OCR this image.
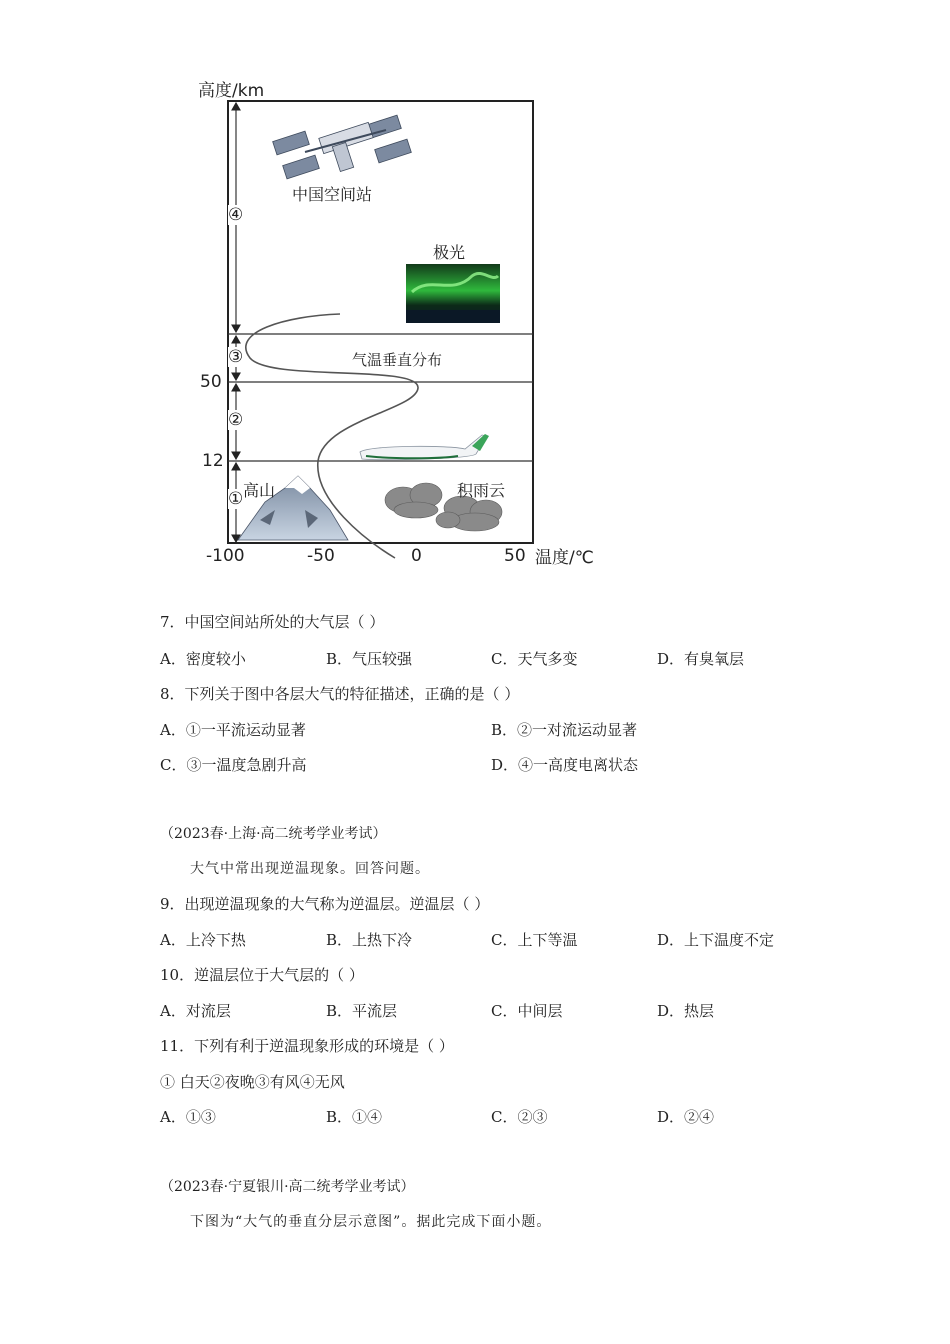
高度/km
温度/℃
-100	-50	0	50
50
12
①
②
③
④
中国空间站
极光
气温垂直分布
高山	积雨云
7．中国空间站所处的大气层（ ）
A．密度较小	B．气压较强	C．天气多变	D．有臭氧层
8．下列关于图中各层大气的特征描述，正确的是（ ）
A．①一平流运动显著	B．②一对流运动显著
C．③一温度急剧升高	D．④一高度电离状态
（2023春·上海·高二统考学业考试）
大气中常出现逆温现象。回答问题。
9．出现逆温现象的大气称为逆温层。逆温层（ ）
A．上冷下热	B．上热下冷	C．上下等温	D．上下温度不定
10．逆温层位于大气层的（ ）
A．对流层	B．平流层	C．中间层	D．热层
11．下列有利于逆温现象形成的环境是（ ）
① 白天②夜晚③有风④无风
A．①③	B．①④	C．②③	D．②④
（2023春·宁夏银川·高二统考学业考试）
下图为“大气的垂直分层示意图”。据此完成下面小题。
